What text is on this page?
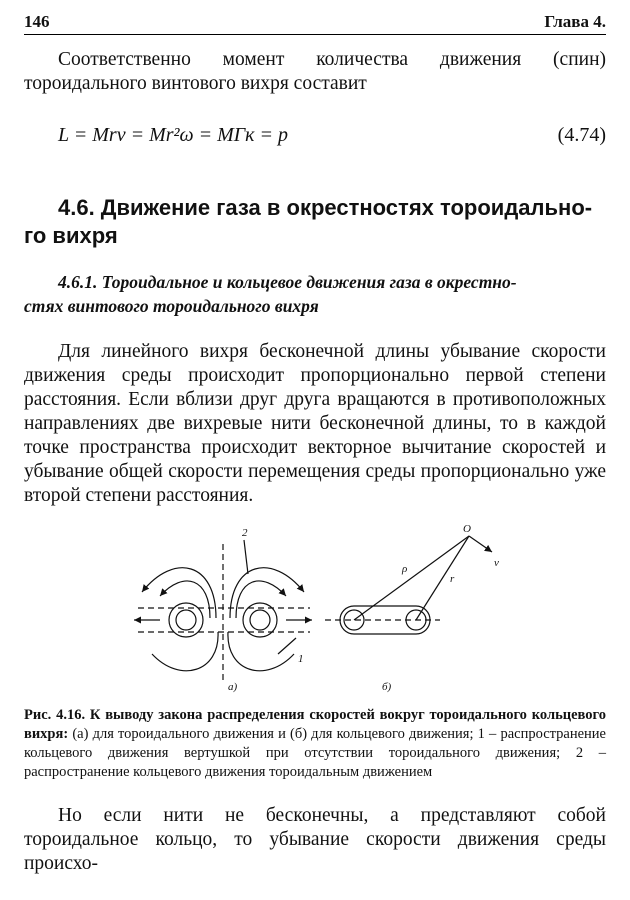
146	Глава 4.
Соответственно момент количества движения (спин) тороидального винтового вихря составит
L = Mrv = Mr²ω = MΓк = p	(4.74)
4.6. Движение газа в окрестностях тороидально-
го вихря
4.6.1. Тороидальное и кольцевое движения газа в окрестно-
стях винтового тороидального вихря
Для линейного вихря бесконечной длины убывание скорости движения среды происходит пропорционально первой степени расстояния. Если вблизи друг друга вращаются в противоположных направлениях две вихревые нити бесконечной длины, то в каждой точке пространства происходит векторное вычитание скоростей и убывание общей скорости перемещения среды пропорционально уже второй степени расстояния.
2
1
а)	б)
O
v
ρ
r
Рис. 4.16. К выводу закона распределения скоростей вокруг тороидального кольцевого вихря: (а) для тороидального движения и (б) для кольцевого движения; 1 – распространение кольцевого движения вертушкой при отсутствии тороидального движения; 2 – распространение кольцевого движения тороидальным движением
Но если нити не бесконечны, а представляют собой тороидальное кольцо, то убывание скорости движения среды происхо-
